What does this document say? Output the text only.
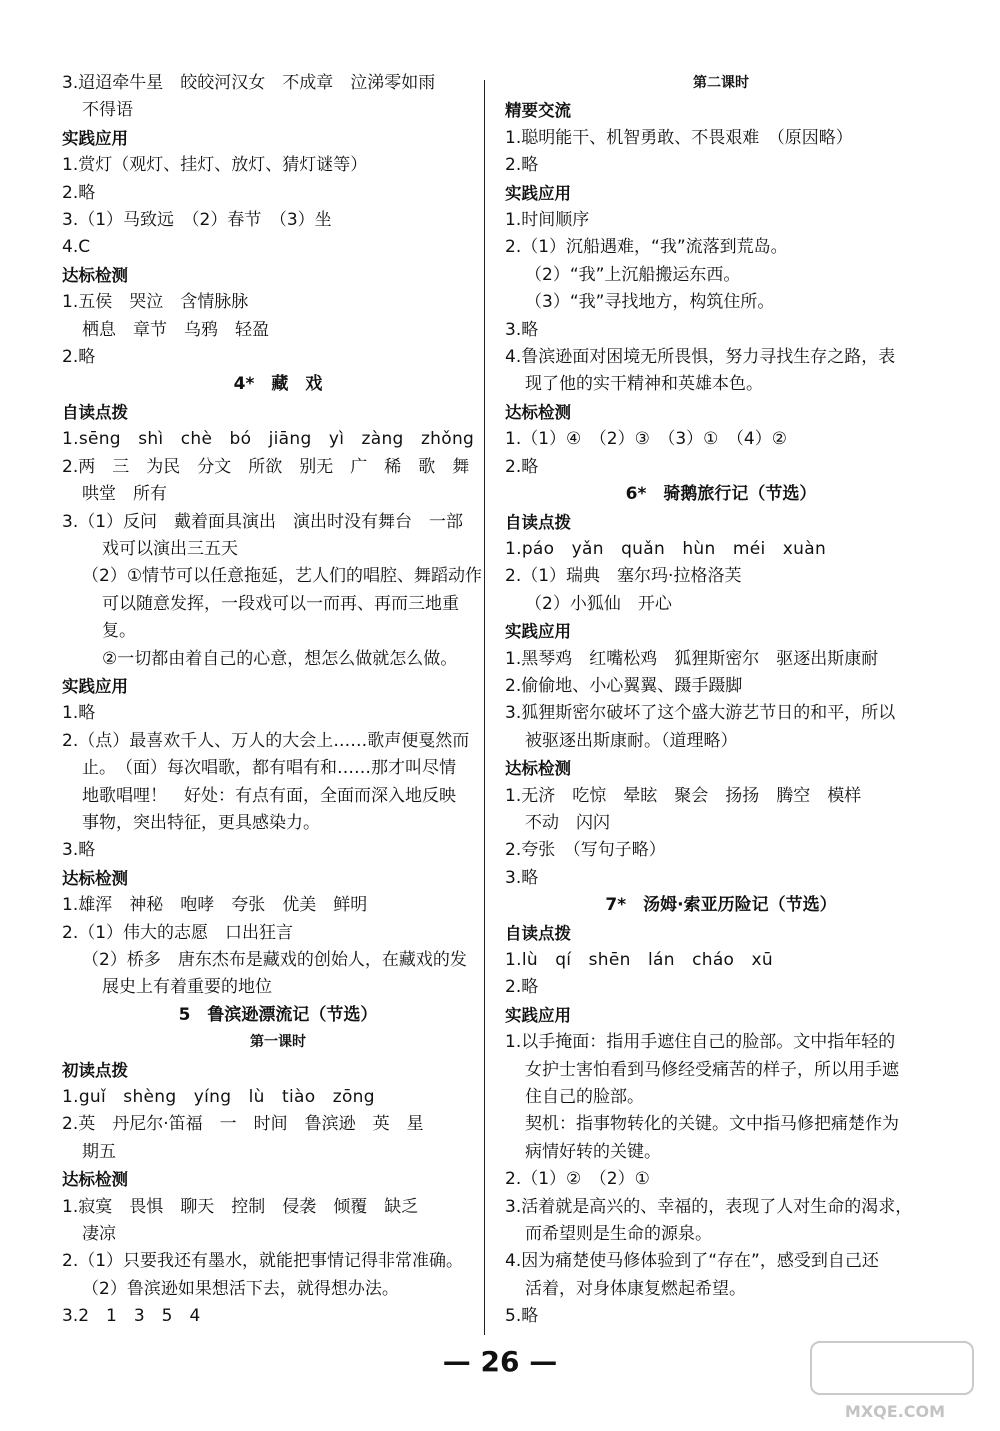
3.迢迢牵牛星　皎皎河汉女　不成章　泣涕零如雨
不得语
实践应用
1.赏灯（观灯、挂灯、放灯、猜灯谜等）
2.略
3.（1）马致远　（2）春节　（3）坐
4.C
达标检测
1.五侯　哭泣　含情脉脉
栖息　章节　乌鸦　轻盈
2.略
4*　藏　戏
自读点拨
1.sēng　shì　chè　bó　jiāng　yì　zàng　zhǒng
2.两　三　为民　分文　所欲　别无　广　稀　歌　舞
哄堂　所有
3.（1）反问　戴着面具演出　演出时没有舞台　一部
戏可以演出三五天
（2）①情节可以任意拖延，艺人们的唱腔、舞蹈动作
可以随意发挥，一段戏可以一而再、再而三地重
复。
②一切都由着自己的心意，想怎么做就怎么做。
实践应用
1.略
2.（点）最喜欢千人、万人的大会上……歌声便戛然而
止。　（面）每次唱歌，都有唱有和……那才叫尽情
地歌唱哩！　好处：有点有面，全面而深入地反映
事物，突出特征，更具感染力。
3.略
达标检测
1.雄浑　神秘　咆哮　夸张　优美　鲜明
2.（1）伟大的志愿　口出狂言
（2）桥多　唐东杰布是藏戏的创始人，在藏戏的发
展史上有着重要的地位
5　鲁滨逊漂流记（节选）
第一课时
初读点拨
1.guǐ　shèng　yíng　lù　tiào　zōng
2.英　丹尼尔·笛福　一　时间　鲁滨逊　英　星
期五
达标检测
1.寂寞　畏惧　聊天　控制　侵袭　倾覆　缺乏
凄凉
2.（1）只要我还有墨水，就能把事情记得非常准确。
（2）鲁滨逊如果想活下去，就得想办法。
3.2　1　3　5　4
第二课时
精要交流
1.聪明能干、机智勇敢、不畏艰难　（原因略）
2.略
实践应用
1.时间顺序
2.（1）沉船遇难，“我”流落到荒岛。
（2）“我”上沉船搬运东西。
（3）“我”寻找地方，构筑住所。
3.略
4.鲁滨逊面对困境无所畏惧，努力寻找生存之路，表
现了他的实干精神和英雄本色。
达标检测
1.（1）④　（2）③　（3）①　（4）②
2.略
6*　骑鹅旅行记（节选）
自读点拨
1.páo　yǎn　quǎn　hùn　méi　xuàn
2.（1）瑞典　塞尔玛·拉格洛芙
（2）小狐仙　开心
实践应用
1.黑琴鸡　红嘴松鸡　狐狸斯密尔　驱逐出斯康耐
2.偷偷地、小心翼翼、蹑手蹑脚
3.狐狸斯密尔破坏了这个盛大游艺节日的和平，所以
被驱逐出斯康耐。（道理略）
达标检测
1.无济　吃惊　晕眩　聚会　扬扬　腾空　模样
不动　闪闪
2.夸张　（写句子略）
3.略
7*　汤姆·索亚历险记（节选）
自读点拨
1.lù　qí　shēn　lán　cháo　xū
2.略
实践应用
1.以手掩面：指用手遮住自己的脸部。文中指年轻的
女护士害怕看到马修经受痛苦的样子，所以用手遮
住自己的脸部。
契机：指事物转化的关键。文中指马修把痛楚作为
病情好转的关键。
2.（1）②　（2）①
3.活着就是高兴的、幸福的，表现了人对生命的渴求，
而希望则是生命的源泉。
4.因为痛楚使马修体验到了“存在”，感受到自己还
活着，对身体康复燃起希望。
5.略
— 26 —
MXQE.COM
